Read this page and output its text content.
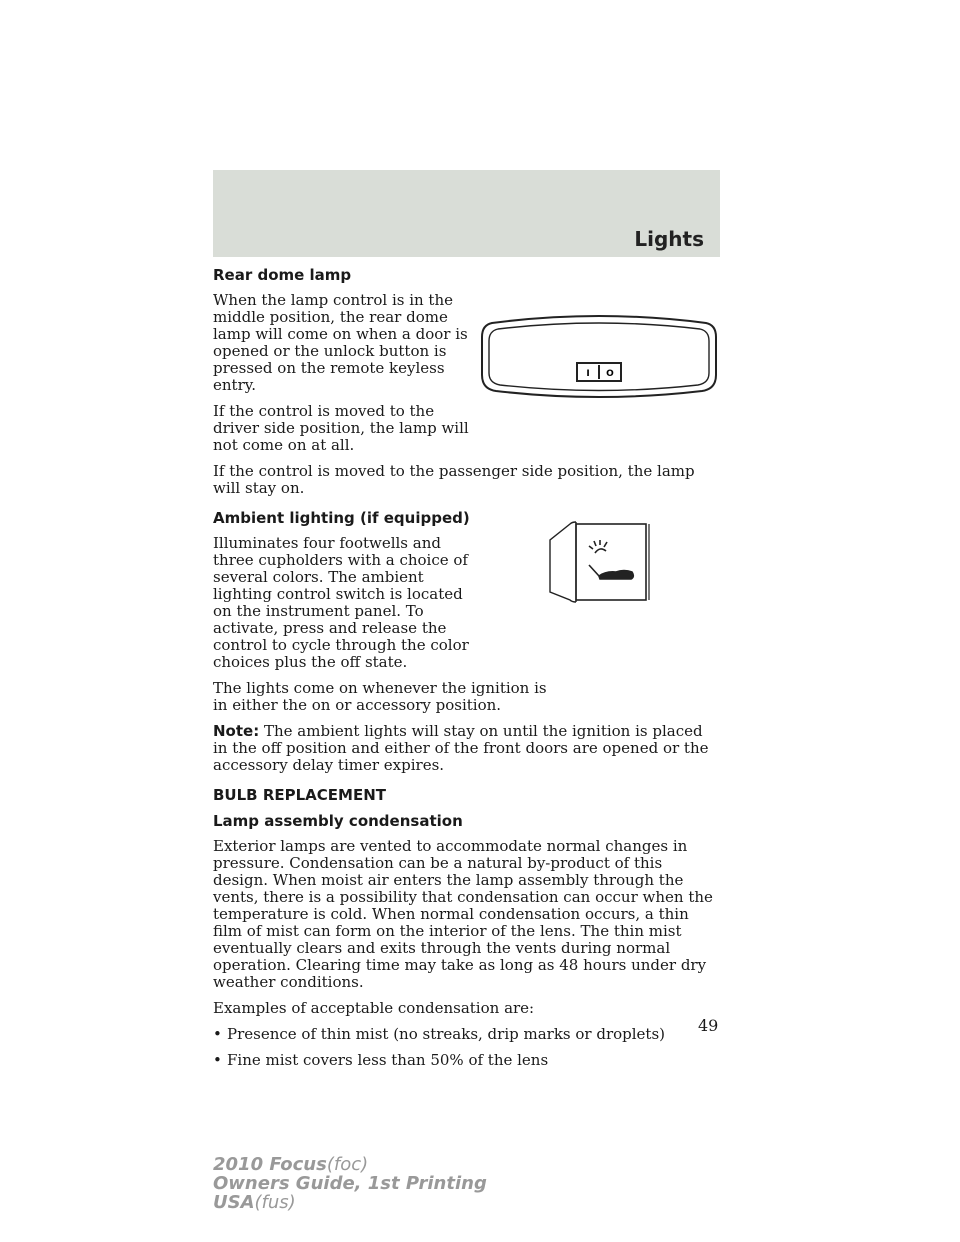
Lights
Rear dome lamp
When the lamp control is in the middle position, the rear dome lamp will come on when a door is opened or the unlock button is pressed on the remote keyless entry.
If the control is moved to the driver side position, the lamp will not come on at all.
If the control is moved to the passenger side position, the lamp will stay on.
Ambient lighting (if equipped)
Illuminates four footwells and three cupholders with a choice of several colors. The ambient lighting control switch is located on the instrument panel. To activate, press and release the control to cycle through the color choices plus the off state.
The lights come on whenever the ignition is in either the on or accessory position.
Note: The ambient lights will stay on until the ignition is placed in the off position and either of the front doors are opened or the accessory delay timer expires.
BULB REPLACEMENT
Lamp assembly condensation
Exterior lamps are vented to accommodate normal changes in pressure. Condensation can be a natural by-product of this design. When moist air enters the lamp assembly through the vents, there is a possibility that condensation can occur when the temperature is cold. When normal condensation occurs, a thin film of mist can form on the interior of the lens. The thin mist eventually clears and exits through the vents during normal operation. Clearing time may take as long as 48 hours under dry weather conditions.
Examples of acceptable condensation are:
• Presence of thin mist (no streaks, drip marks or droplets)
• Fine mist covers less than 50% of the lens
I O
49
2010 Focus(foc)
Owners Guide, 1st Printing
USA(fus)
